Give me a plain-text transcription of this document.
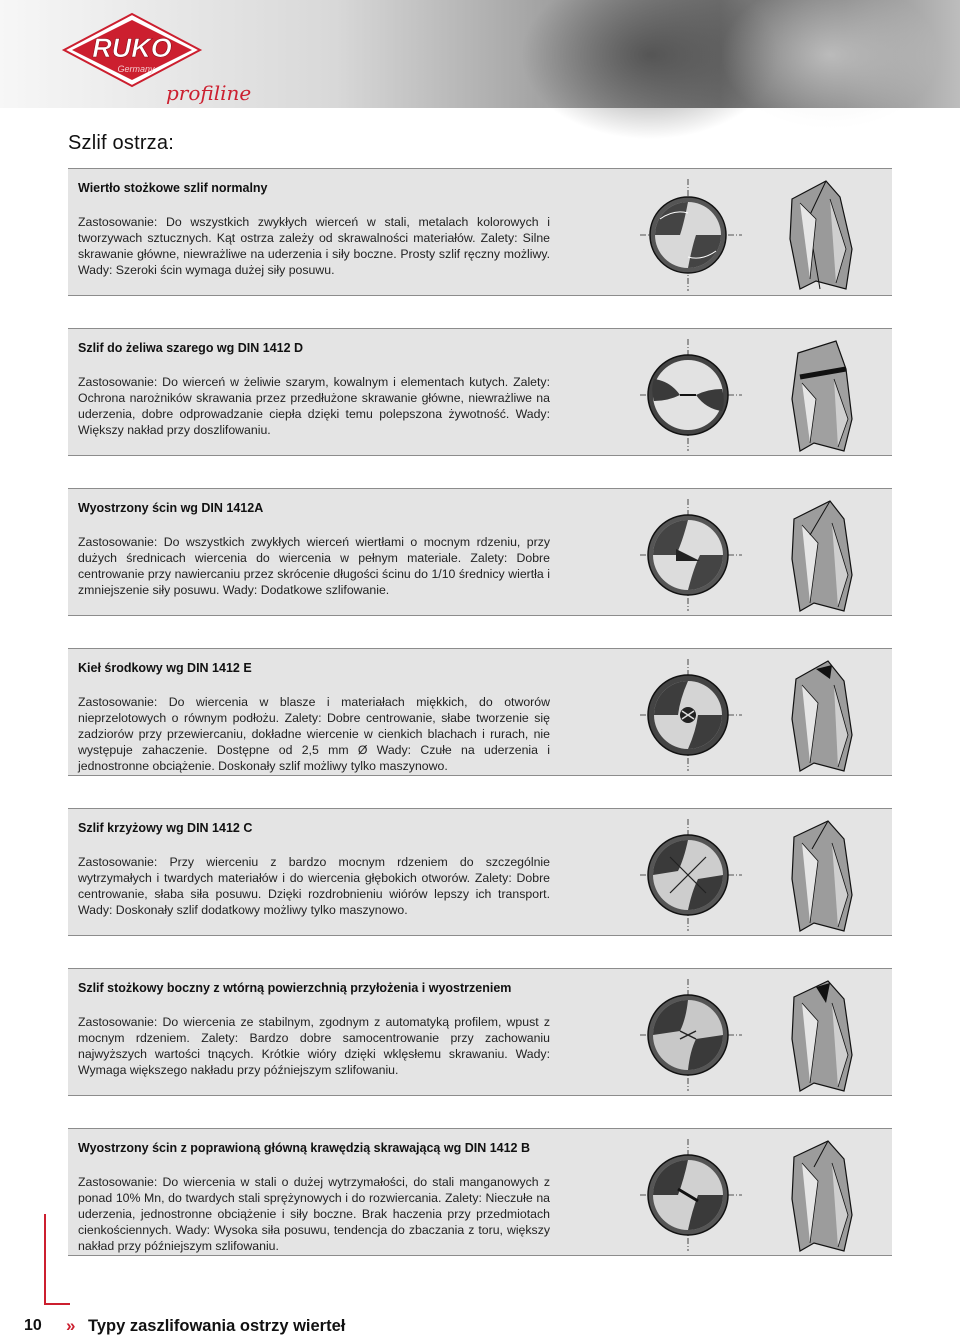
RUKO
Germany
profiline
Szlif ostrza:
Wiertło stożkowe szlif normalny

Zastosowanie: Do wszystkich zwykłych wierceń w stali, metalach kolorowych i tworzywach sztucznych. Kąt ostrza zależy od skrawalności materiałów. Zalety: Silne skrawanie główne, niewrażliwe na uderzenia i siły boczne. Prosty szlif ręczny możliwy. Wady: Szeroki ścin wymaga dużej siły posuwu.

Szlif do żeliwa szarego wg DIN 1412 D

Zastosowanie: Do wierceń w żeliwie szarym, kowalnym i elementach kutych. Zalety: Ochrona narożników skrawania przez przedłużone skrawanie główne, niewrażliwe na uderzenia, dobre odprowadzanie ciepła dzięki temu polepszona żywotność. Wady: Większy nakład przy doszlifowaniu.

Wyostrzony ścin wg DIN 1412A

Zastosowanie: Do wszystkich zwykłych wierceń wiertłami o mocnym rdzeniu, przy dużych średnicach wiercenia do wiercenia w pełnym materiale. Zalety: Dobre centrowanie przy nawiercaniu przez skrócenie długości ścinu do 1/10 średnicy wiertła i zmniejszenie siły posuwu. Wady: Dodatkowe szlifowanie.

Kieł środkowy wg DIN 1412 E

Zastosowanie: Do wiercenia w blasze i materiałach miękkich, do otworów nieprzelotowych o równym podłożu. Zalety: Dobre centrowanie, słabe tworzenie się zadziorów przy przewiercaniu, dokładne wiercenie w cienkich blachach i rurach, nie występuje zahaczenie. Dostępne od 2,5 mm Ø Wady: Czułe na uderzenia i jednostronne obciążenie. Doskonały szlif możliwy tylko maszynowo.

Szlif krzyżowy wg DIN 1412 C

Zastosowanie: Przy wierceniu z bardzo mocnym rdzeniem do szczególnie wytrzymałych i twardych materiałów i do wiercenia głębokich otworów. Zalety: Dobre centrowanie, słaba siła posuwu. Dzięki rozdrobnieniu wiórów lepszy ich transport. Wady: Doskonały szlif dodatkowy możliwy tylko maszynowo.

Szlif stożkowy boczny z wtórną powierzchnią przyłożenia i wyostrzeniem

Zastosowanie: Do wiercenia ze stabilnym, zgodnym z automatyką profilem, wpust z mocnym rdzeniem. Zalety: Bardzo dobre samocentrowanie przy zachowaniu najwyższych wartości tnących. Krótkie wióry dzięki wklęsłemu skrawaniu. Wady: Wymaga większego nakładu przy późniejszym szlifowaniu.

Wyostrzony ścin z poprawioną główną krawędzią skrawającą wg DIN 1412 B

Zastosowanie: Do wiercenia w stali o dużej wytrzymałości, do stali manganowych z ponad 10% Mn, do twardych stali sprężynowych i do rozwiercania. Zalety: Nieczułe na uderzenia, jednostronne obciążenie i siły boczne. Brak haczenia przy przedmiotach cienkościennych. Wady: Wysoka siła posuwu, tendencja do zbaczania z toru, większy nakład przy późniejszym szlifowaniu.

10 » Typy zaszlifowania ostrzy wierteł
